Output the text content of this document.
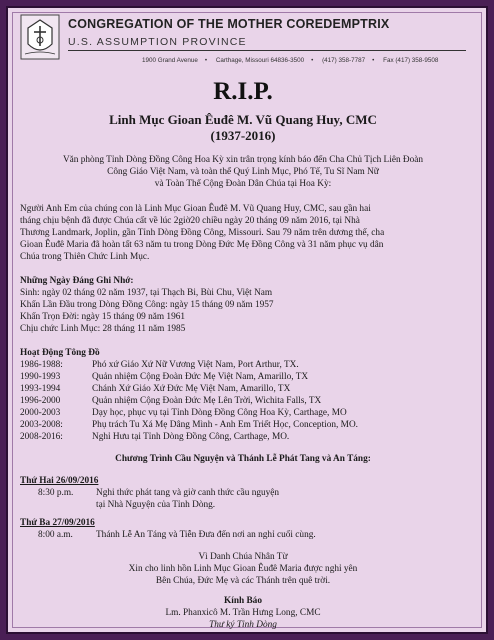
CONGREGATION OF THE MOTHER COREDEMPTRIX
U.S. ASSUMPTION PROVINCE
1900 Grand Avenue • Carthage, Missouri 64836-3500 • (417) 358-7787 • Fax (417) 358-9508
R.I.P.
Linh Mục Gioan Êuđê M. Vũ Quang Huy, CMC
(1937-2016)
Văn phòng Tỉnh Dòng Đồng Công Hoa Kỳ xin trân trọng kính báo đến Cha Chủ Tịch Liên Đoàn
Công Giáo Việt Nam, và toàn thể Quý Linh Mục, Phó Tế, Tu Sĩ Nam Nữ
và Toàn Thể Cộng Đoàn Dân Chúa tại Hoa Kỳ:
Người Anh Em của chúng con là Linh Mục Gioan Êuđê M. Vũ Quang Huy, CMC, sau gần hai
tháng chịu bệnh đã được Chúa cất về lúc 2giờ20 chiều ngày 20 tháng 09 năm 2016, tại Nhà
Thương Landmark, Joplin, gần Tỉnh Dòng Đồng Công, Missouri. Sau 79 năm trên dương thế, cha
Gioan Êuđê Maria đã hoàn tất 63 năm tu trong Dòng Đức Mẹ Đồng Công và 31 năm phục vụ dân
Chúa trong Thiên Chức Linh Mục.
Những Ngày Đáng Ghi Nhớ:
Sinh: ngày 02 tháng 02 năm 1937, tại Thạch Bi, Bùi Chu, Việt Nam
Khấn Lần Đầu trong Dòng Đồng Công: ngày 15 tháng 09 năm 1957
Khấn Trọn Đời: ngày 15 tháng 09 năm 1961
Chịu chức Linh Mục: 28 tháng 11 năm 1985
Hoạt Động Tông Đồ
1986-1988:	Phó xứ Giáo Xứ Nữ Vương Việt Nam, Port Arthur, TX.
1990-1993	Quản nhiệm Cộng Đoàn Đức Mẹ Việt Nam, Amarillo, TX
1993-1994	Chánh Xứ Giáo Xứ Đức Mẹ Việt Nam, Amarillo, TX
1996-2000	Quản nhiệm Cộng Đoàn Đức Mẹ Lên Trời, Wichita Falls, TX
2000-2003	Dạy học, phục vụ tại Tỉnh Dòng Đồng Công Hoa Kỳ, Carthage, MO
2003-2008:	Phụ trách Tu Xá Mẹ Dâng Mình - Anh Em Triết Học, Conception, MO.
2008-2016:	Nghỉ Hưu tại Tỉnh Dòng Đồng Công, Carthage, MO.
Chương Trình Cầu Nguyện và Thánh Lễ Phát Tang và An Táng:
Thứ Hai 26/09/2016
8:30 p.m.	Nghi thức phát tang và giờ canh thức cầu nguyện
tại Nhà Nguyện của Tỉnh Dòng.
Thứ Ba 27/09/2016
8:00 a.m.	Thánh Lễ An Táng và Tiễn Đưa đến nơi an nghỉ cuối cùng.
Vì Danh Chúa Nhân Từ
Xin cho linh hồn Linh Mục Gioan Êuđê Maria được nghỉ yên
Bên Chúa, Đức Mẹ và các Thánh trên quê trời.
Kính Báo
Lm. Phanxicô M. Trần Hưng Long, CMC
Thư ký Tỉnh Dòng
